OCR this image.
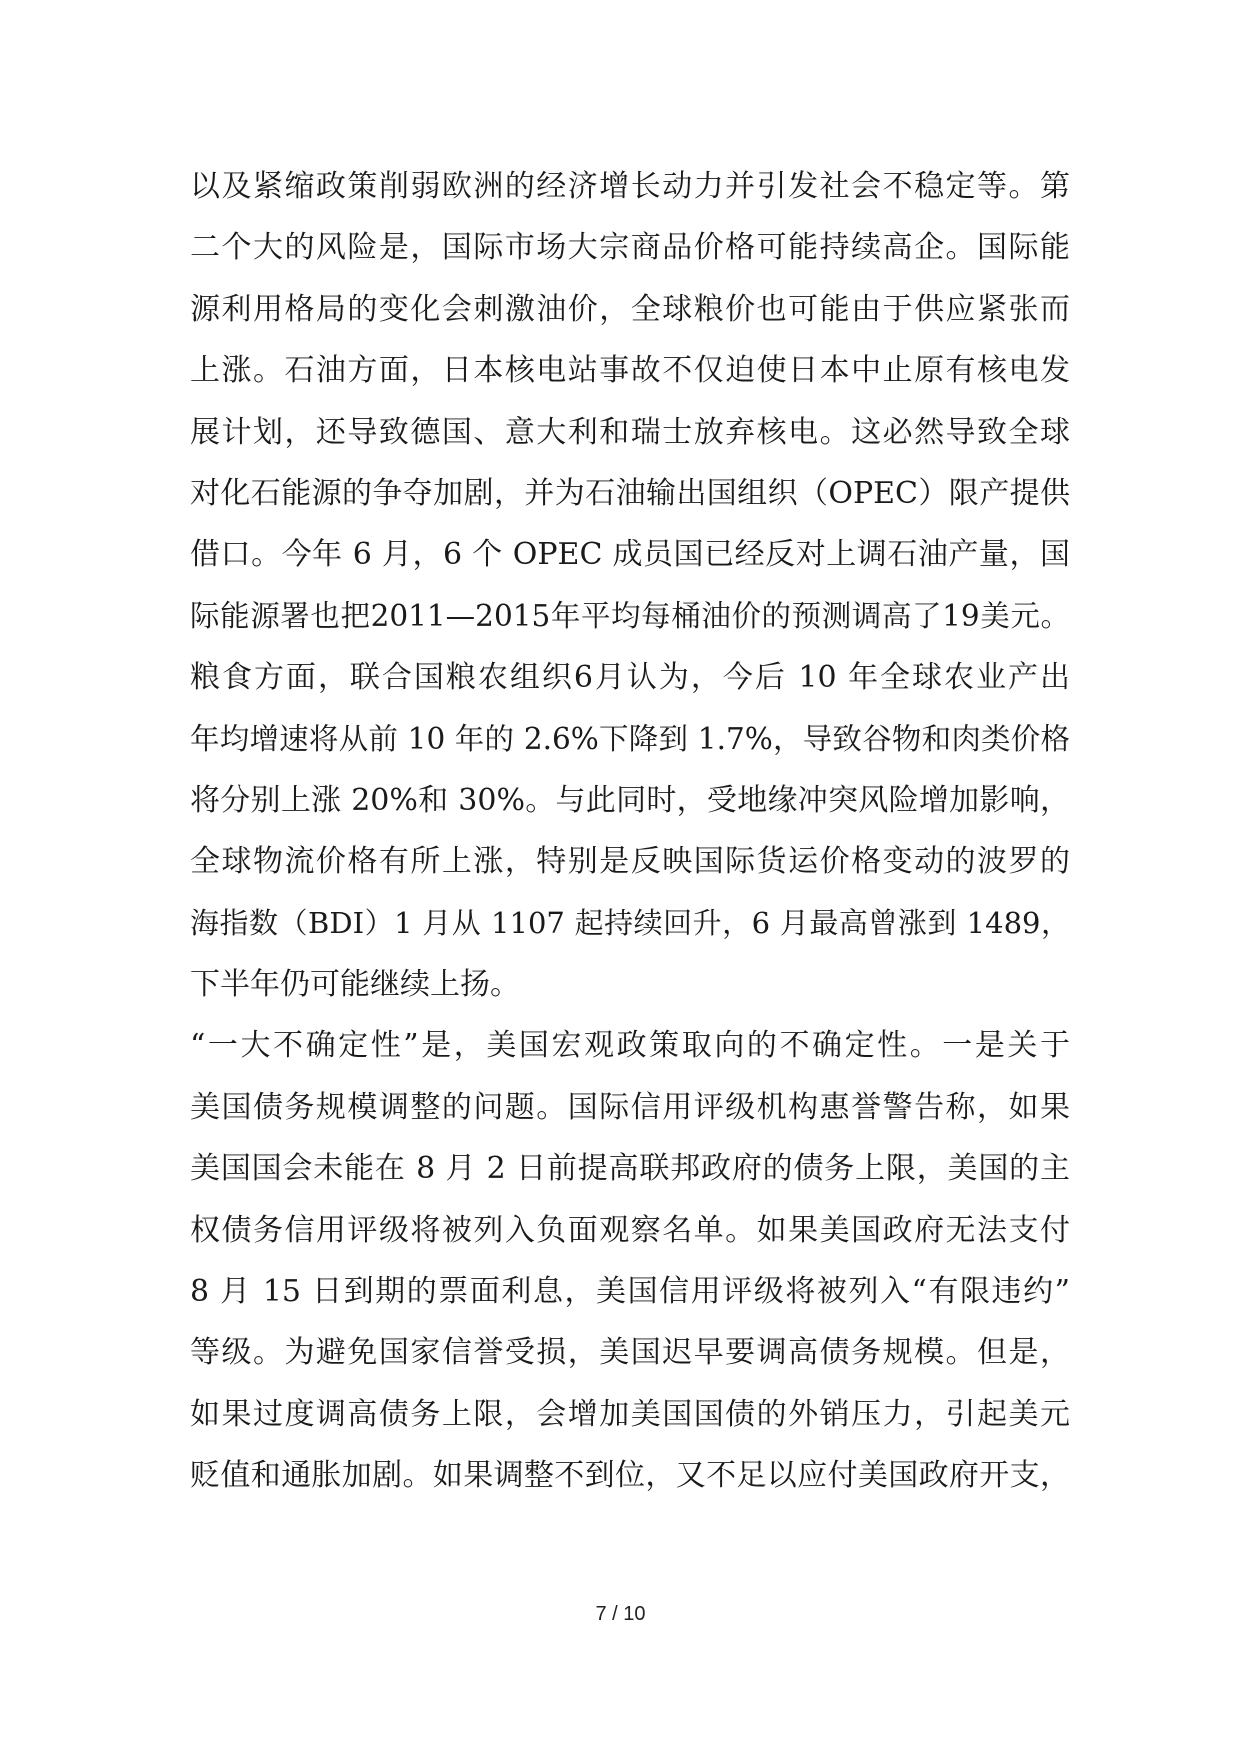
以及紧缩政策削弱欧洲的经济增长动力并引发社会不稳定等。第
二个大的风险是，国际市场大宗商品价格可能持续高企。国际能
源利用格局的变化会刺激油价，全球粮价也可能由于供应紧张而
上涨。石油方面，日本核电站事故不仅迫使日本中止原有核电发
展计划，还导致德国、意大利和瑞士放弃核电。这必然导致全球
对化石能源的争夺加剧，并为石油输出国组织（OPEC）限产提供
借口。今年 6 月，6 个 OPEC 成员国已经反对上调石油产量，国
际能源署也把2011—2015年平均每桶油价的预测调高了19美元。
粮食方面，联合国粮农组织6月认为，今后 10 年全球农业产出
年均增速将从前 10 年的 2.6%下降到 1.7%，导致谷物和肉类价格
将分别上涨 20%和 30%。与此同时，受地缘冲突风险增加影响，
全球物流价格有所上涨，特别是反映国际货运价格变动的波罗的
海指数（BDI）1 月从 1107 起持续回升，6 月最高曾涨到 1489，
下半年仍可能继续上扬。
“一大不确定性”是，美国宏观政策取向的不确定性。一是关于
美国债务规模调整的问题。国际信用评级机构惠誉警告称，如果
美国国会未能在 8 月 2 日前提高联邦政府的债务上限，美国的主
权债务信用评级将被列入负面观察名单。如果美国政府无法支付
8 月 15 日到期的票面利息，美国信用评级将被列入“有限违约”
等级。为避免国家信誉受损，美国迟早要调高债务规模。但是，
如果过度调高债务上限，会增加美国国债的外销压力，引起美元
贬值和通胀加剧。如果调整不到位，又不足以应付美国政府开支，
7 / 10
